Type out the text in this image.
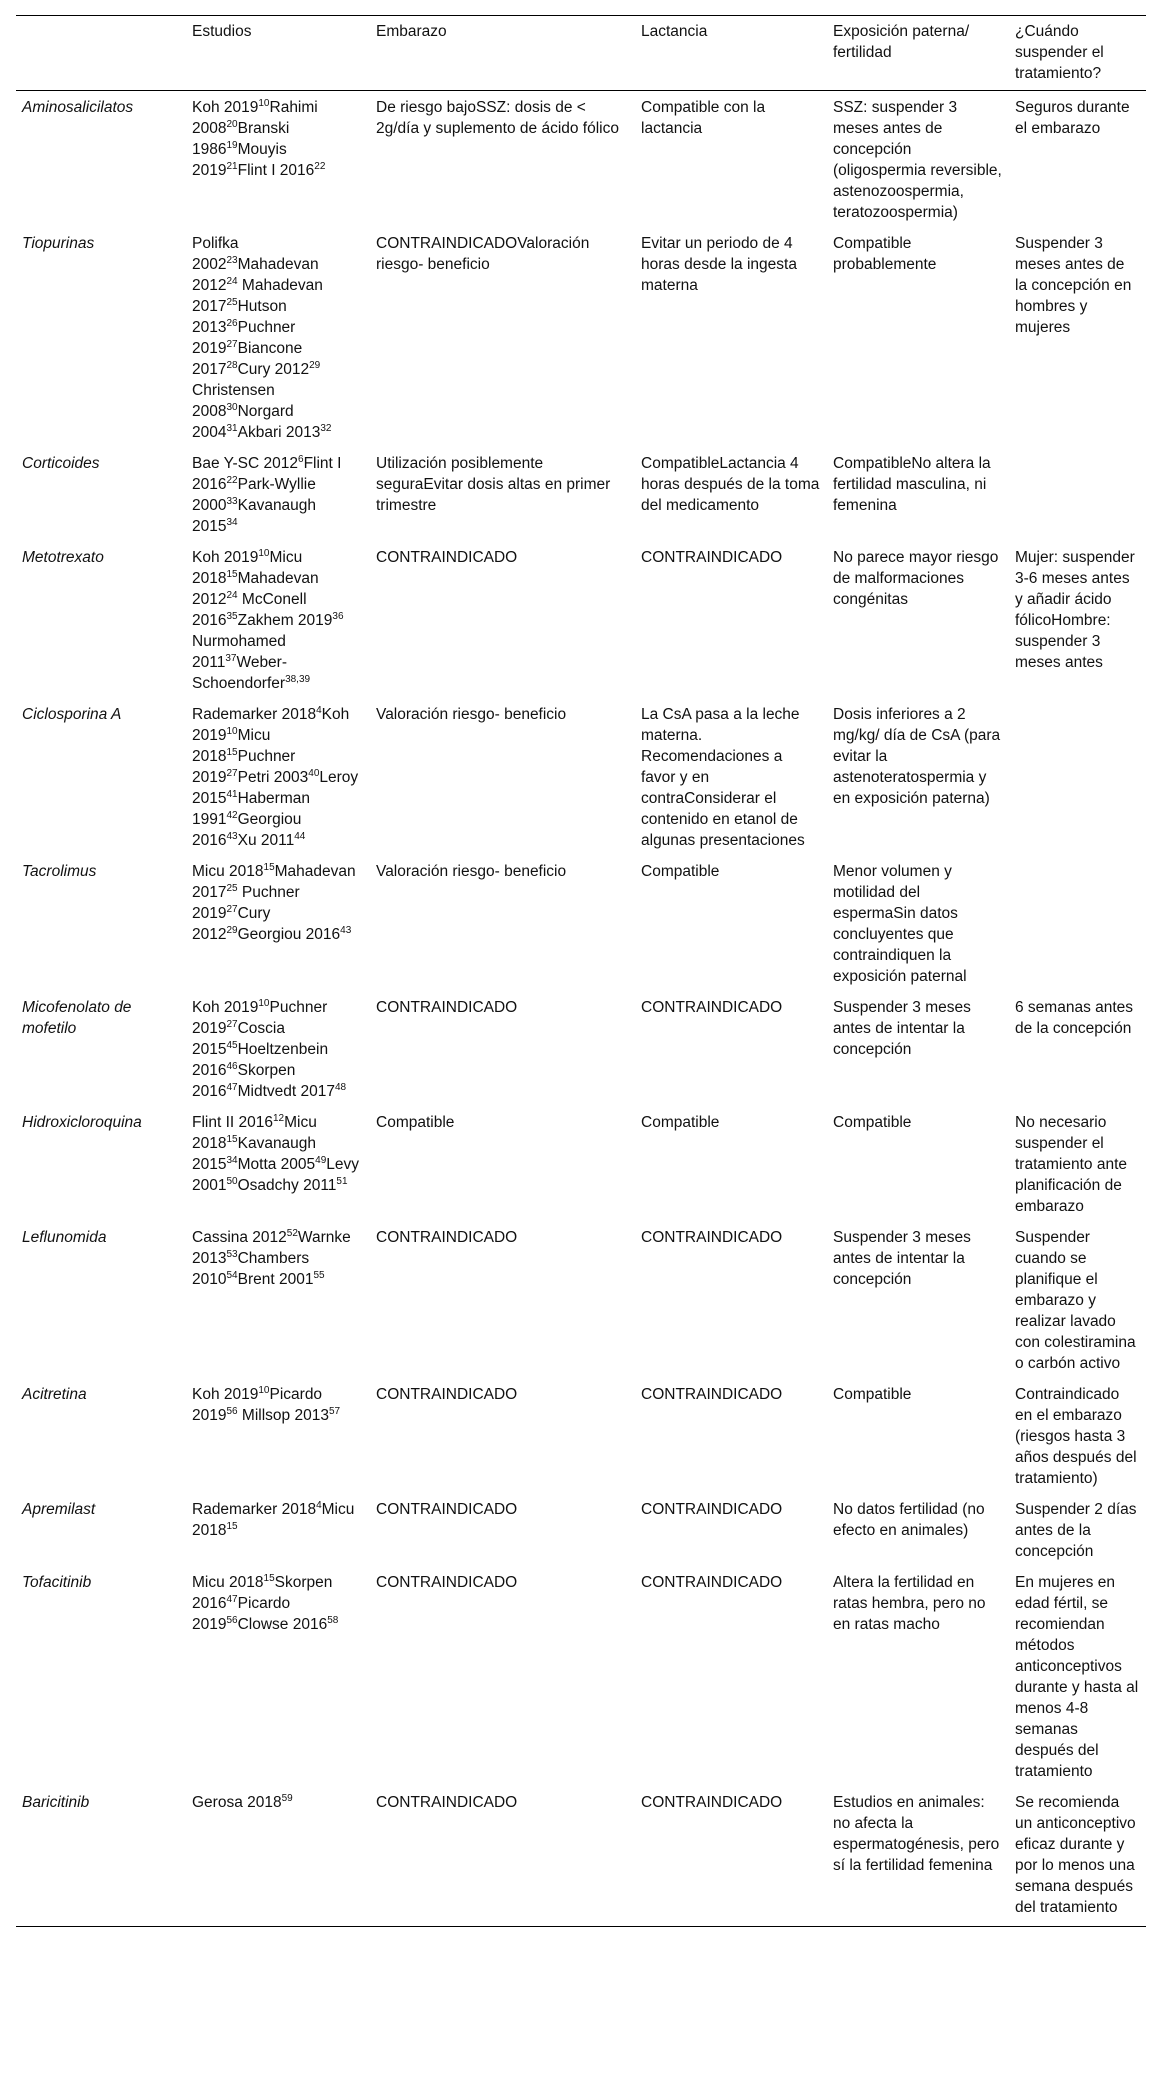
	Estudios	Embarazo	Lactancia	Exposición paterna/ fertilidad	¿Cuándo suspender el tratamiento?
Aminosalicilatos	Koh 2019$^{10}$Rahimi 2008$^{20}$Branski 1986$^{19}$Mouyis 2019$^{21}$Flint I 2016$^{22}$	De riesgo bajoSSZ: dosis de < 2g/día y suplemento de ácido fólico	Compatible con la lactancia	SSZ: suspender 3 meses antes de concepción (oligospermia reversible, astenozoospermia, teratozoospermia)	Seguros durante el embarazo
Tiopurinas	Polifka 2002$^{23}$Mahadevan 2012$^{24}$ Mahadevan 2017$^{25}$Hutson 2013$^{26}$Puchner 2019$^{27}$Biancone 2017$^{28}$Cury 2012$^{29}$ Christensen 2008$^{30}$Norgard 2004$^{31}$Akbari 2013$^{32}$	CONTRAINDICADOValoración riesgo- beneficio	Evitar un periodo de 4 horas desde la ingesta materna	Compatible probablemente	Suspender 3 meses antes de la concepción en hombres y mujeres
Corticoides	Bae Y-SC 2012$^6$Flint I 2016$^{22}$Park-Wyllie 2000$^{33}$Kavanaugh 2015$^{34}$	Utilización posiblemente seguraEvitar dosis altas en primer trimestre	CompatibleLactancia 4 horas después de la toma del medicamento	CompatibleNo altera la fertilidad masculina, ni femenina	
Metotrexato	Koh 2019$^{10}$Micu 2018$^{15}$Mahadevan 2012$^{24}$ McConell 2016$^{35}$Zakhem 2019$^{36}$ Nurmohamed 2011$^{37}$Weber-Schoendorfer$^{38,39}$	CONTRAINDICADO	CONTRAINDICADO	No parece mayor riesgo de malformaciones congénitas	Mujer: suspender 3-6 meses antes y añadir ácido fólicoHombre: suspender 3 meses antes
Ciclosporina A	Rademarker 2018$^4$Koh 2019$^{10}$Micu 2018$^{15}$Puchner 2019$^{27}$Petri 2003$^{40}$Leroy 2015$^{41}$Haberman 1991$^{42}$Georgiou 2016$^{43}$Xu 2011$^{44}$	Valoración riesgo- beneficio	La CsA pasa a la leche materna. Recomendaciones a favor y en contraConsiderar el contenido en etanol de algunas presentaciones	Dosis inferiores a 2 mg/kg/ día de CsA (para evitar la astenoteratospermia y en exposición paterna)	
Tacrolimus	Micu 2018$^{15}$Mahadevan 2017$^{25}$ Puchner 2019$^{27}$Cury 2012$^{29}$Georgiou 2016$^{43}$	Valoración riesgo- beneficio	Compatible	Menor volumen y motilidad del espermaSin datos concluyentes que contraindiquen la exposición paternal	
Micofenolato de mofetilo	Koh 2019$^{10}$Puchner 2019$^{27}$Coscia 2015$^{45}$Hoeltzenbein 2016$^{46}$Skorpen 2016$^{47}$Midtvedt 2017$^{48}$	CONTRAINDICADO	CONTRAINDICADO	Suspender 3 meses antes de intentar la concepción	6 semanas antes de la concepción
Hidroxicloroquina	Flint II 2016$^{12}$Micu 2018$^{15}$Kavanaugh 2015$^{34}$Motta 2005$^{49}$Levy 2001$^{50}$Osadchy 2011$^{51}$	Compatible	Compatible	Compatible	No necesario suspender el tratamiento ante planificación de embarazo
Leflunomida	Cassina 2012$^{52}$Warnke 2013$^{53}$Chambers 2010$^{54}$Brent 2001$^{55}$	CONTRAINDICADO	CONTRAINDICADO	Suspender 3 meses antes de intentar la concepción	Suspender cuando se planifique el embarazo y realizar lavado con colestiramina o carbón activo
Acitretina	Koh 2019$^{10}$Picardo 2019$^{56}$ Millsop 2013$^{57}$	CONTRAINDICADO	CONTRAINDICADO	Compatible	Contraindicado en el embarazo (riesgos hasta 3 años después del tratamiento)
Apremilast	Rademarker 2018$^4$Micu 2018$^{15}$	CONTRAINDICADO	CONTRAINDICADO	No datos fertilidad (no efecto en animales)	Suspender 2 días antes de la concepción
Tofacitinib	Micu 2018$^{15}$Skorpen 2016$^{47}$Picardo 2019$^{56}$Clowse 2016$^{58}$	CONTRAINDICADO	CONTRAINDICADO	Altera la fertilidad en ratas hembra, pero no en ratas macho	En mujeres en edad fértil, se recomiendan métodos anticonceptivos durante y hasta al menos 4-8 semanas después del tratamiento
Baricitinib	Gerosa 2018$^{59}$	CONTRAINDICADO	CONTRAINDICADO	Estudios en animales: no afecta la espermatogénesis, pero sí la fertilidad femenina	Se recomienda un anticonceptivo eficaz durante y por lo menos una semana después del tratamiento
